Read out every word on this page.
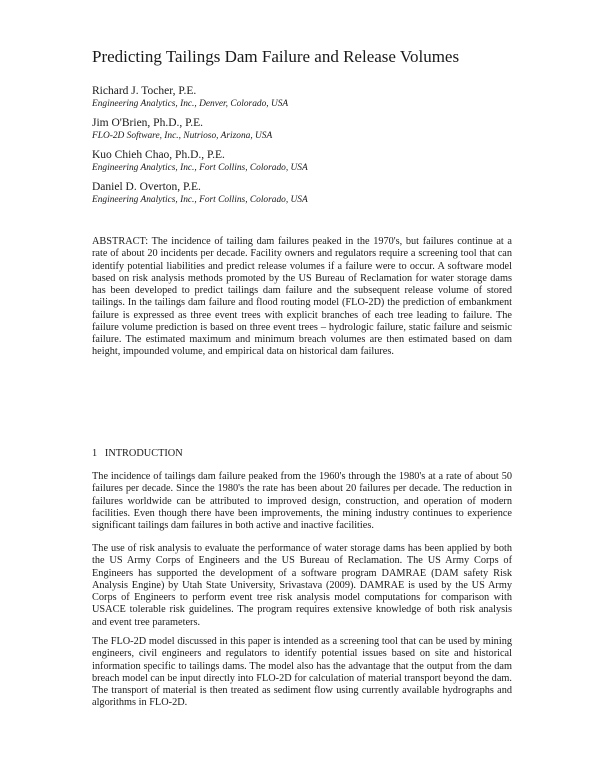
Predicting Tailings Dam Failure and Release Volumes
Richard J. Tocher, P.E.
Engineering Analytics, Inc., Denver, Colorado, USA
Jim O'Brien, Ph.D., P.E.
FLO-2D Software, Inc., Nutrioso, Arizona, USA
Kuo Chieh Chao, Ph.D., P.E.
Engineering Analytics, Inc., Fort Collins, Colorado, USA
Daniel D. Overton, P.E.
Engineering Analytics, Inc., Fort Collins, Colorado, USA

ABSTRACT: The incidence of tailing dam failures peaked in the 1970's, but failures continue at a rate of about 20 incidents per decade. Facility owners and regulators require a screening tool that can identify potential liabilities and predict release volumes if a failure were to occur. A software model based on risk analysis methods promoted by the US Bureau of Reclamation for water storage dams has been developed to predict tailings dam failure and the subsequent release volume of stored tailings. In the tailings dam failure and flood routing model (FLO-2D) the prediction of embankment failure is expressed as three event trees with explicit branches of each tree leading to failure. The failure volume prediction is based on three event trees – hydrologic failure, static failure and seismic failure. The estimated maximum and minimum breach volumes are then estimated based on dam height, impounded volume, and empirical data on historical dam failures.

1 INTRODUCTION

The incidence of tailings dam failure peaked from the 1960's through the 1980's at a rate of about 50 failures per decade. Since the 1980's the rate has been about 20 failures per decade. The reduction in failures worldwide can be attributed to improved design, construction, and operation of modern facilities. Even though there have been improvements, the mining industry continues to experience significant tailings dam failures in both active and inactive facilities.

The use of risk analysis to evaluate the performance of water storage dams has been applied by both the US Army Corps of Engineers and the US Bureau of Reclamation. The US Army Corps of Engineers has supported the development of a software program DAMRAE (DAM safety Risk Analysis Engine) by Utah State University, Srivastava (2009). DAMRAE is used by the US Army Corps of Engineers to perform event tree risk analysis model computations for comparison with USACE tolerable risk guidelines. The program requires extensive knowledge of both risk analysis and event tree parameters.

The FLO-2D model discussed in this paper is intended as a screening tool that can be used by mining engineers, civil engineers and regulators to identify potential issues based on site and historical information specific to tailings dams. The model also has the advantage that the output from the dam breach model can be input directly into FLO-2D for calculation of material transport beyond the dam. The transport of material is then treated as sediment flow using currently available hydrographs and algorithms in FLO-2D.
